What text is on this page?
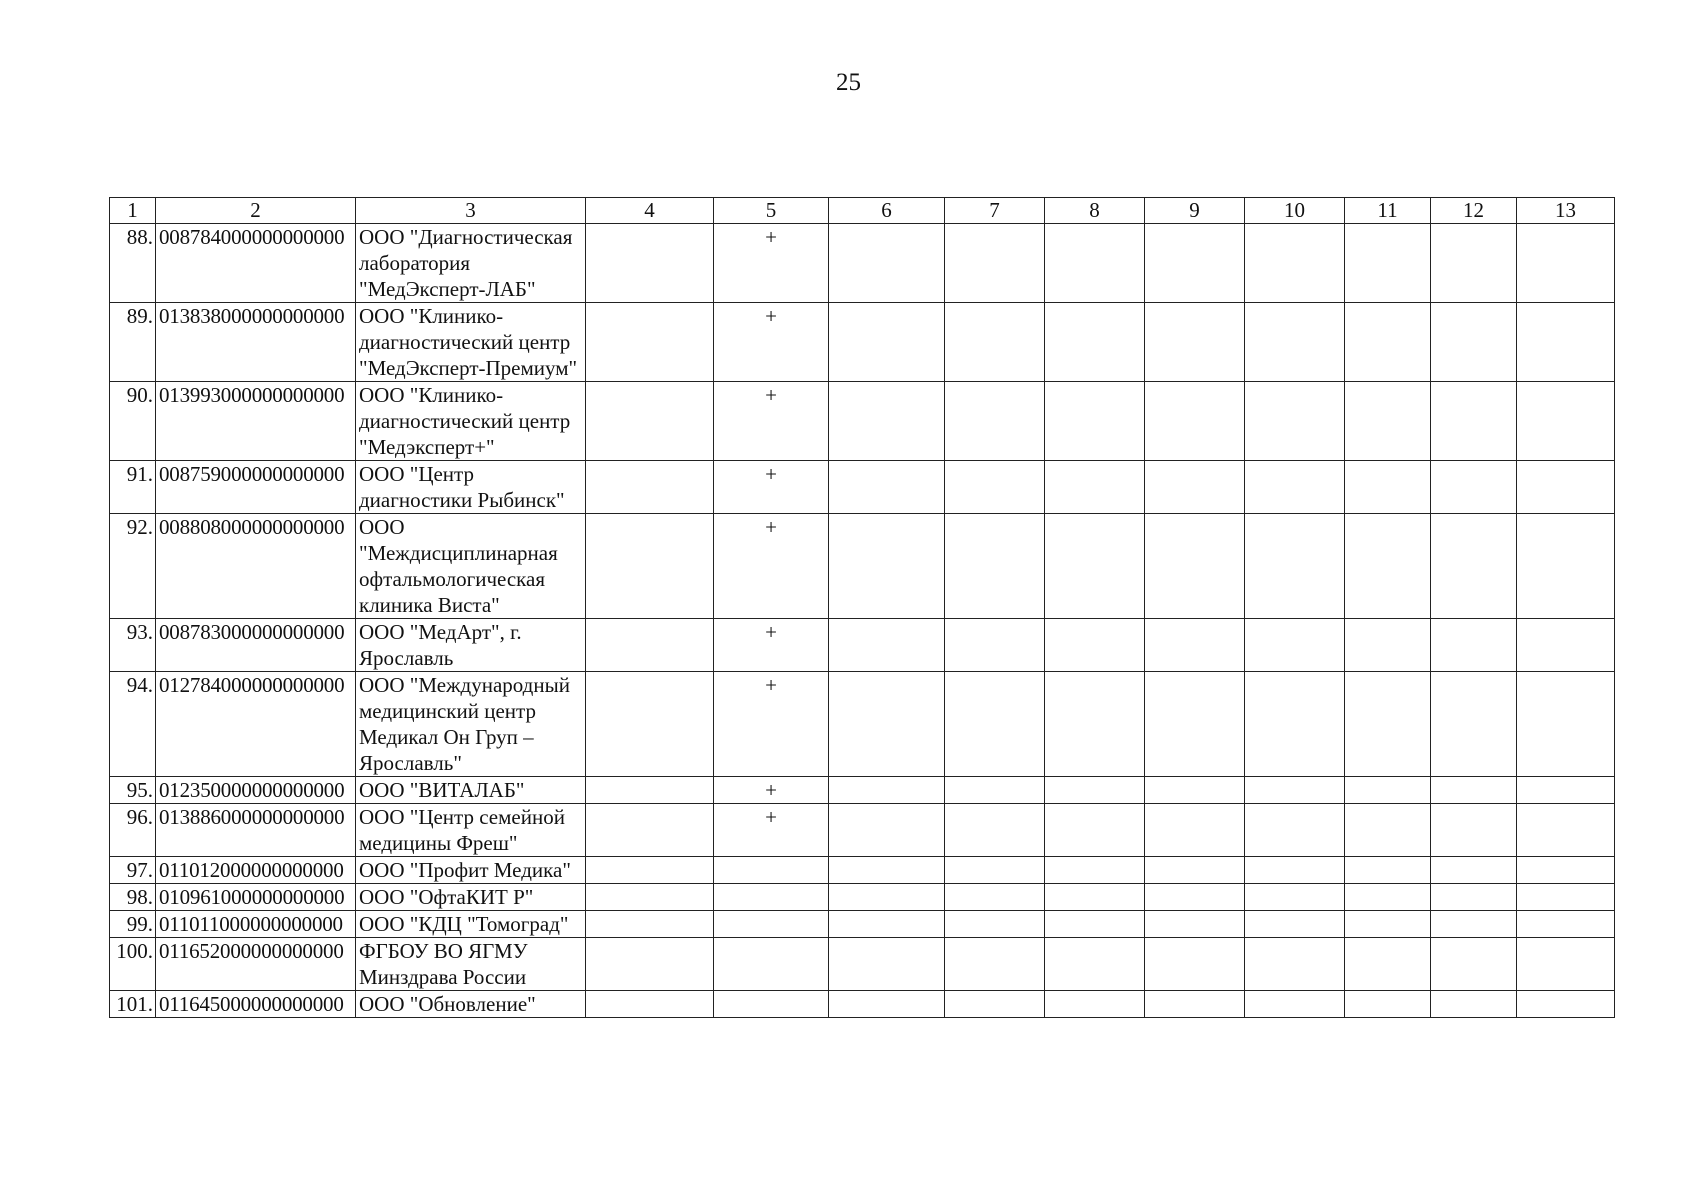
25
1	2	3	4	5	6	7	8	9	10	11	12	13
88.	008784000000000000	ООО "Диагностическая лаборатория "МедЭксперт-ЛАБ"		+								
89.	013838000000000000	ООО "Клинико-диагностический центр "МедЭксперт-Премиум"		+								
90.	013993000000000000	ООО "Клинико-диагностический центр "Медэксперт+"		+								
91.	008759000000000000	ООО "Центр диагностики Рыбинск"		+								
92.	008808000000000000	ООО "Междисциплинарная офтальмологическая клиника Виста"		+								
93.	008783000000000000	ООО "МедАрт", г. Ярославль		+								
94.	012784000000000000	ООО "Международный медицинский центр Медикал Он Груп – Ярославль"		+								
95.	012350000000000000	ООО "ВИТАЛАБ"		+								
96.	013886000000000000	ООО "Центр семейной медицины Фреш"		+								
97.	011012000000000000	ООО "Профит Медика"										
98.	010961000000000000	ООО "ОфтаКИТ Р"										
99.	011011000000000000	ООО "КДЦ "Томоград"										
100.	011652000000000000	ФГБОУ ВО ЯГМУ Минздрава России										
101.	011645000000000000	ООО "Обновление"										
